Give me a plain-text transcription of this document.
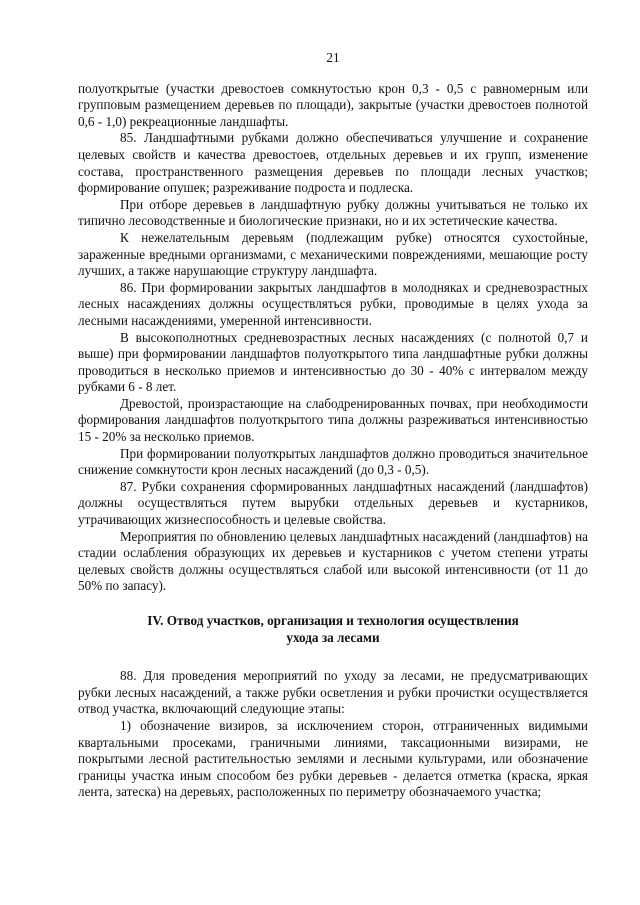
21

полуоткрытые (участки древостоев сомкнутостью крон 0,3 - 0,5 с равномерным или групповым размещением деревьев по площади), закрытые (участки древостоев полнотой 0,6 - 1,0) рекреационные ландшафты.

85. Ландшафтными рубками должно обеспечиваться улучшение и сохранение целевых свойств и качества древостоев, отдельных деревьев и их групп, изменение состава, пространственного размещения деревьев по площади лесных участков; формирование опушек; разреживание подроста и подлеска.

При отборе деревьев в ландшафтную рубку должны учитываться не только их типично лесоводственные и биологические признаки, но и их эстетические качества.

К нежелательным деревьям (подлежащим рубке) относятся сухостойные, зараженные вредными организмами, с механическими повреждениями, мешающие росту лучших, а также нарушающие структуру ландшафта.

86. При формировании закрытых ландшафтов в молодняках и средневозрастных лесных насаждениях должны осуществляться рубки, проводимые в целях ухода за лесными насаждениями, умеренной интенсивности.

В высокополнотных средневозрастных лесных насаждениях (с полнотой 0,7 и выше) при формировании ландшафтов полуоткрытого типа ландшафтные рубки должны проводиться в несколько приемов и интенсивностью до 30 - 40% с интервалом между рубками 6 - 8 лет.

Древостой, произрастающие на слабодренированных почвах, при необходимости формирования ландшафтов полуоткрытого типа должны разреживаться интенсивностью 15 - 20% за несколько приемов.

При формировании полуоткрытых ландшафтов должно проводиться значительное снижение сомкнутости крон лесных насаждений (до 0,3 - 0,5).

87. Рубки сохранения сформированных ландшафтных насаждений (ландшафтов) должны осуществляться путем вырубки отдельных деревьев и кустарников, утрачивающих жизнеспособность и целевые свойства.

Мероприятия по обновлению целевых ландшафтных насаждений (ландшафтов) на стадии ослабления образующих их деревьев и кустарников с учетом степени утраты целевых свойств должны осуществляться слабой или высокой интенсивности (от 11 до 50% по запасу).

IV. Отвод участков, организация и технология осуществления
ухода за лесами

88. Для проведения мероприятий по уходу за лесами, не предусматривающих рубки лесных насаждений, а также рубки осветления и рубки прочистки осуществляется отвод участка, включающий следующие этапы:

1) обозначение визиров, за исключением сторон, отграниченных видимыми квартальными просеками, граничными линиями, таксационными визирами, не покрытыми лесной растительностью землями и лесными культурами, или обозначение границы участка иным способом без рубки деревьев - делается отметка (краска, яркая лента, затеска) на деревьях, расположенных по периметру обозначаемого участка;
